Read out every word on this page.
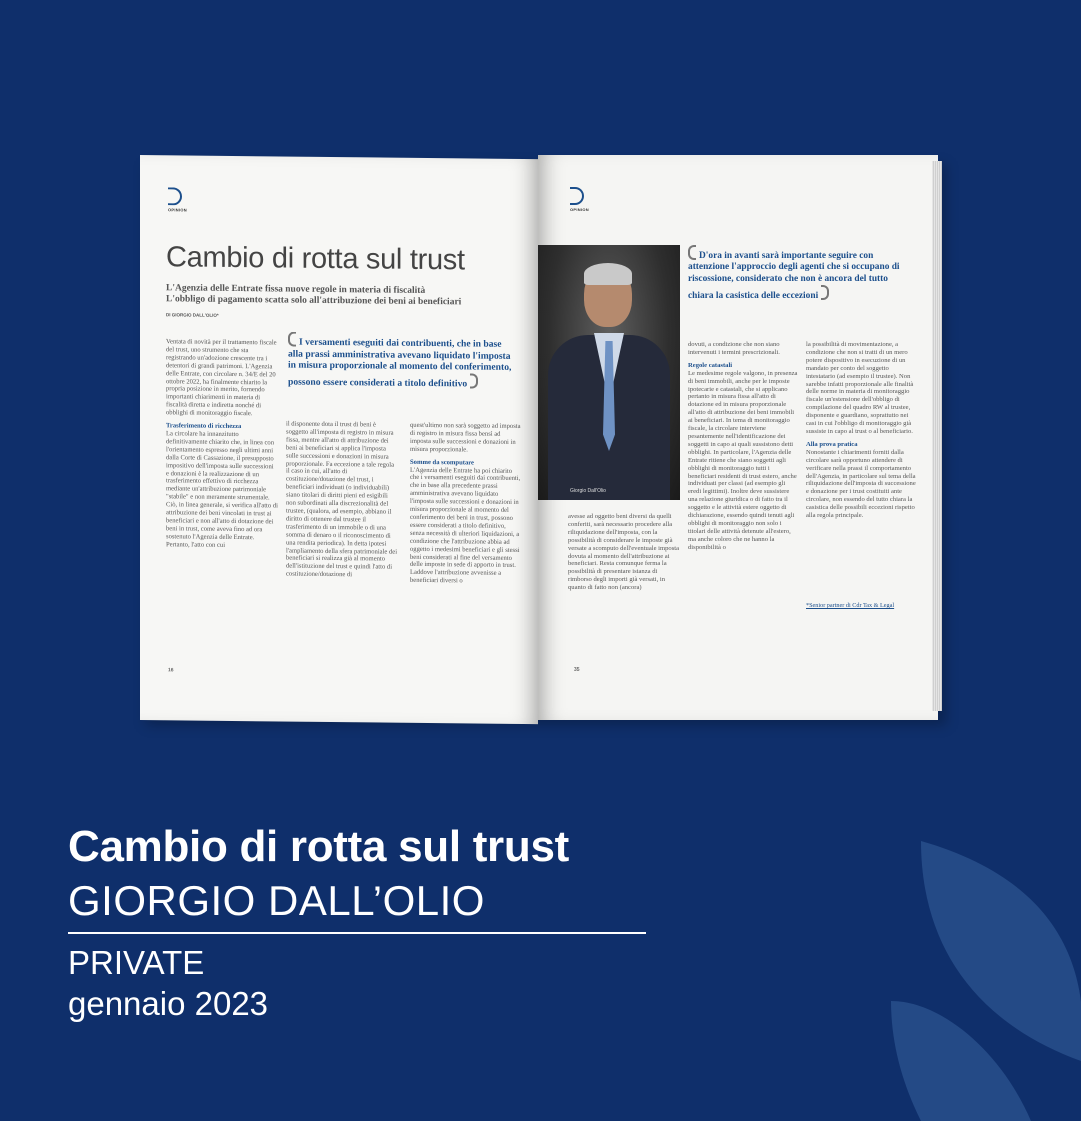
OPINION
Cambio di rotta sul trust
L'Agenzia delle Entrate fissa nuove regole in materia di fiscalità
L'obbligo di pagamento scatta solo all'attribuzione dei beni ai beneficiari
DI GIORGIO DALL'OLIO*
I versamenti eseguiti dai contribuenti, che in base alla prassi amministrativa avevano liquidato l'imposta in misura proporzionale al momento del conferimento, possono essere considerati a titolo definitivo

Ventata di novità per il trattamento fiscale del trust, uno strumento che sta registrando un'adozione crescente tra i detentori di grandi patrimoni. L'Agenzia delle Entrate, con circolare n. 34/E del 20 ottobre 2022, ha finalmente chiarito la propria posizione in merito, fornendo importanti chiarimenti in materia di fiscalità diretta e indiretta nonché di obblighi di monitoraggio fiscale.

Trasferimento di ricchezza

La circolare ha innanzitutto definitivamente chiarito che, in linea con l'orientamento espresso negli ultimi anni dalla Corte di Cassazione, il presupposto impositivo dell'imposta sulle successioni e donazioni è la realizzazione di un trasferimento effettivo di ricchezza mediante un'attribuzione patrimoniale "stabile" e non meramente strumentale. Ciò, in linea generale, si verifica all'atto di attribuzione dei beni vincolati in trust ai beneficiari e non all'atto di dotazione dei beni in trust, come aveva fino ad ora sostenuto l'Agenzia delle Entrate. Pertanto, l'atto con cui

il disponente dota il trust di beni è soggetto all'imposta di registro in misura fissa, mentre all'atto di attribuzione dei beni ai beneficiari si applica l'imposta sulle successioni e donazioni in misura proporzionale. Fa eccezione a tale regola il caso in cui, all'atto di costituzione/dotazione del trust, i beneficiari individuati (o individuabili) siano titolari di diritti pieni ed esigibili non subordinati alla discrezionalità del trustee, (qualora, ad esempio, abbiano il diritto di ottenere dal trustee il trasferimento di un immobile o di una somma di denaro o il riconoscimento di una rendita periodica). In detta ipotesi l'ampliamento della sfera patrimoniale dei beneficiari si realizza già al momento dell'istituzione del trust e quindi l'atto di costituzione/dotazione di

quest'ultimo non sarà soggetto ad imposta di registro in misura fissa bensì ad imposta sulle successioni e donazioni in misura proporzionale.

Somme da scomputare

L'Agenzia delle Entrate ha poi chiarito che i versamenti eseguiti dai contribuenti, che in base alla precedente prassi amministrativa avevano liquidato l'imposta sulle successioni e donazioni in misura proporzionale al momento del conferimento dei beni in trust, possono essere considerati a titolo definitivo, senza necessità di ulteriori liquidazioni, a condizione che l'attribuzione abbia ad oggetto i medesimi beneficiari e gli stessi beni considerati al fine del versamento delle imposte in sede di apporto in trust. Laddove l'attribuzione avvenisse a beneficiari diversi o

16
OPINION
Giorgio Dall'Olio
D'ora in avanti sarà importante seguire con attenzione l'approccio degli agenti che si occupano di riscossione, considerato che non è ancora del tutto chiara la casistica delle eccezioni

avesse ad oggetto beni diversi da quelli conferiti, sarà necessario procedere alla riliquidazione dell'imposta, con la possibilità di considerare le imposte già versate a scomputo dell'eventuale imposta dovuta al momento dell'attribuzione ai beneficiari. Resta comunque ferma la possibilità di presentare istanza di rimborso degli importi già versati, in quanto di fatto non (ancora)

dovuti, a condizione che non siano intervenuti i termini prescrizionali.

Regole catastali

Le medesime regole valgono, in presenza di beni immobili, anche per le imposte ipotecarie e catastali, che si applicano pertanto in misura fissa all'atto di dotazione ed in misura proporzionale all'atto di attribuzione dei beni immobili ai beneficiari. In tema di monitoraggio fiscale, la circolare interviene pesantemente nell'identificazione dei soggetti in capo ai quali sussistono detti obblighi. In particolare, l'Agenzia delle Entrate ritiene che siano soggetti agli obblighi di monitoraggio tutti i beneficiari residenti di trust estero, anche individuati per classi (ad esempio gli eredi legittimi). Inoltre deve sussistere una relazione giuridica o di fatto tra il soggetto e le attività estere oggetto di dichiarazione, essendo quindi tenuti agli obblighi di monitoraggio non solo i titolari delle attività detenute all'estero, ma anche coloro che ne hanno la disponibilità o

la possibilità di movimentazione, a condizione che non si tratti di un mero potere dispositivo in esecuzione di un mandato per conto del soggetto intestatario (ad esempio il trustee). Non sarebbe infatti proporzionale alle finalità delle norme in materia di monitoraggio fiscale un'estensione dell'obbligo di compilazione del quadro RW al trustee, disponente e guardiano, soprattutto nei casi in cui l'obbligo di monitoraggio già sussiste in capo al trust o al beneficiario.

Alla prova pratica

Nonostante i chiarimenti forniti dalla circolare sarà opportuno attendere di verificare nella prassi il comportamento dell'Agenzia, in particolare sul tema della riliquidazione dell'imposta di successione e donazione per i trust costituiti ante circolare, non essendo del tutto chiara la casistica delle possibili eccezioni rispetto alla regola principale.

*Senior partner di Cdr Tax & Legal
35
Cambio di rotta sul trust
GIORGIO DALL’OLIO
PRIVATE
gennaio 2023
